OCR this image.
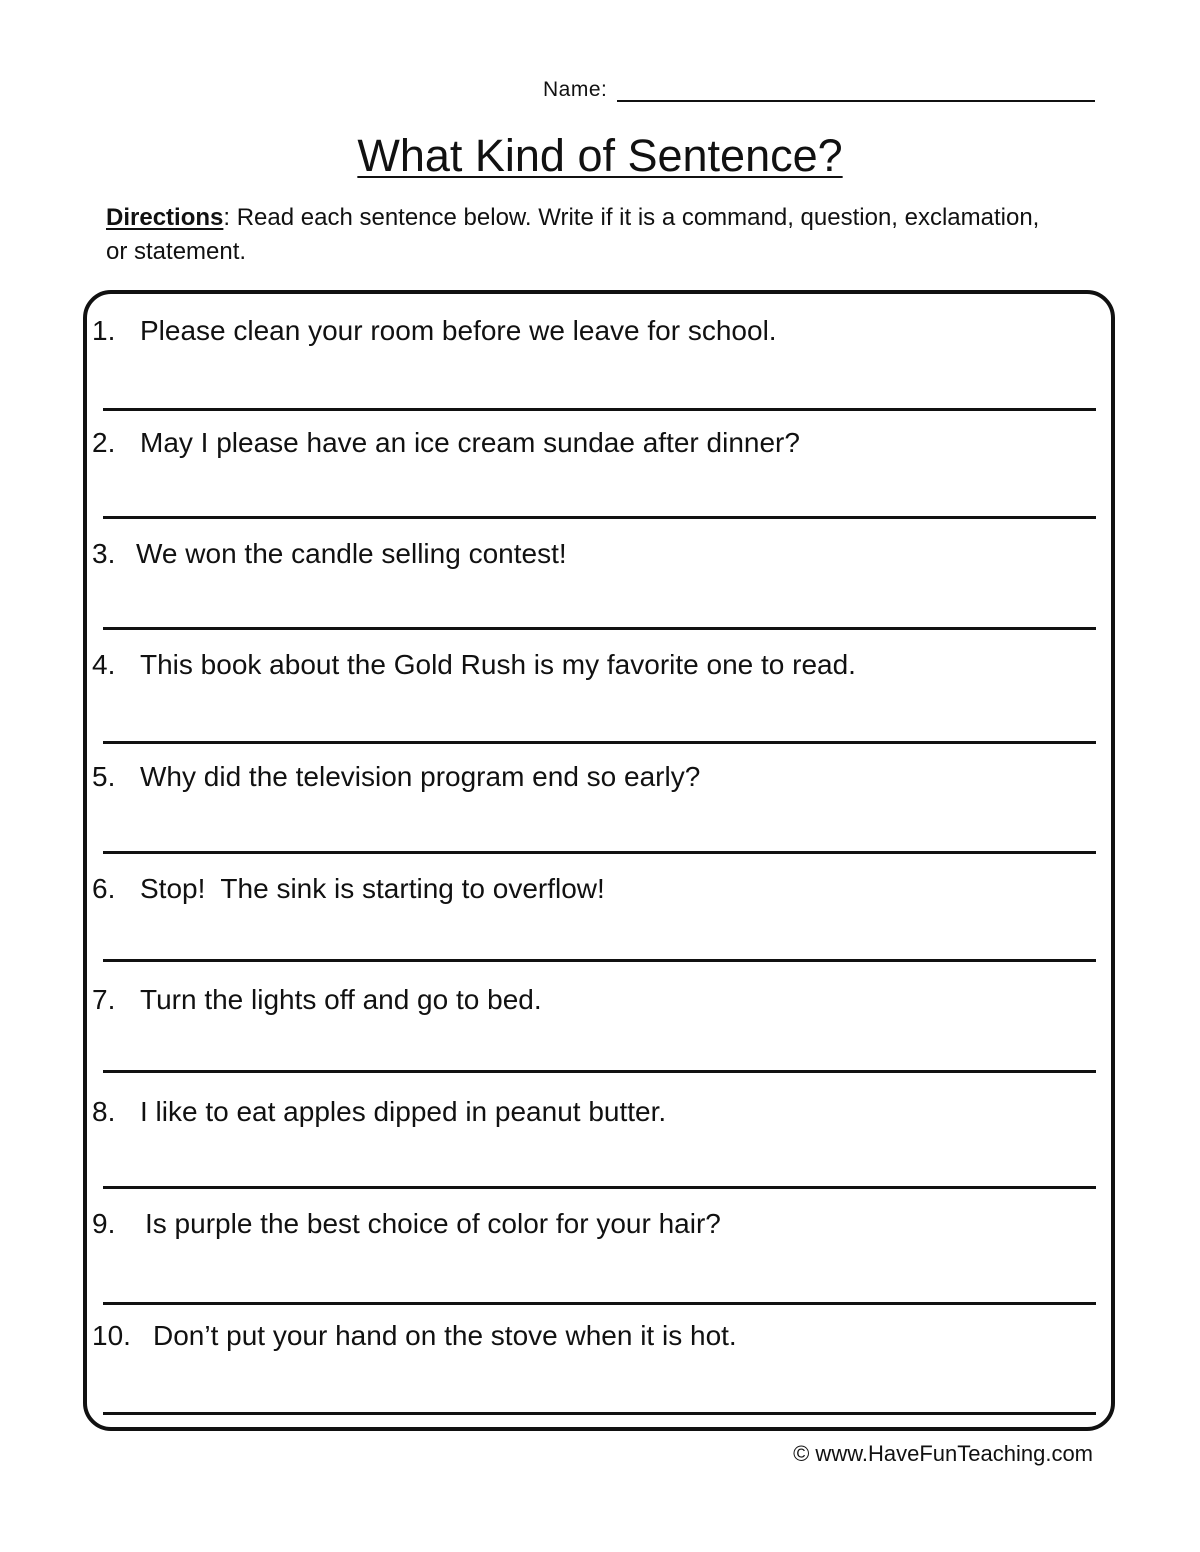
Name:
What Kind of Sentence?
Directions: Read each sentence below. Write if it is a command, question, exclamation, or statement.
1. Please clean your room before we leave for school.
2. May I please have an ice cream sundae after dinner?
3. We won the candle selling contest!
4. This book about the Gold Rush is my favorite one to read.
5. Why did the television program end so early?
6. Stop!  The sink is starting to overflow!
7. Turn the lights off and go to bed.
8. I like to eat apples dipped in peanut butter.
9. Is purple the best choice of color for your hair?
10. Don’t put your hand on the stove when it is hot.
© www.HaveFunTeaching.com
